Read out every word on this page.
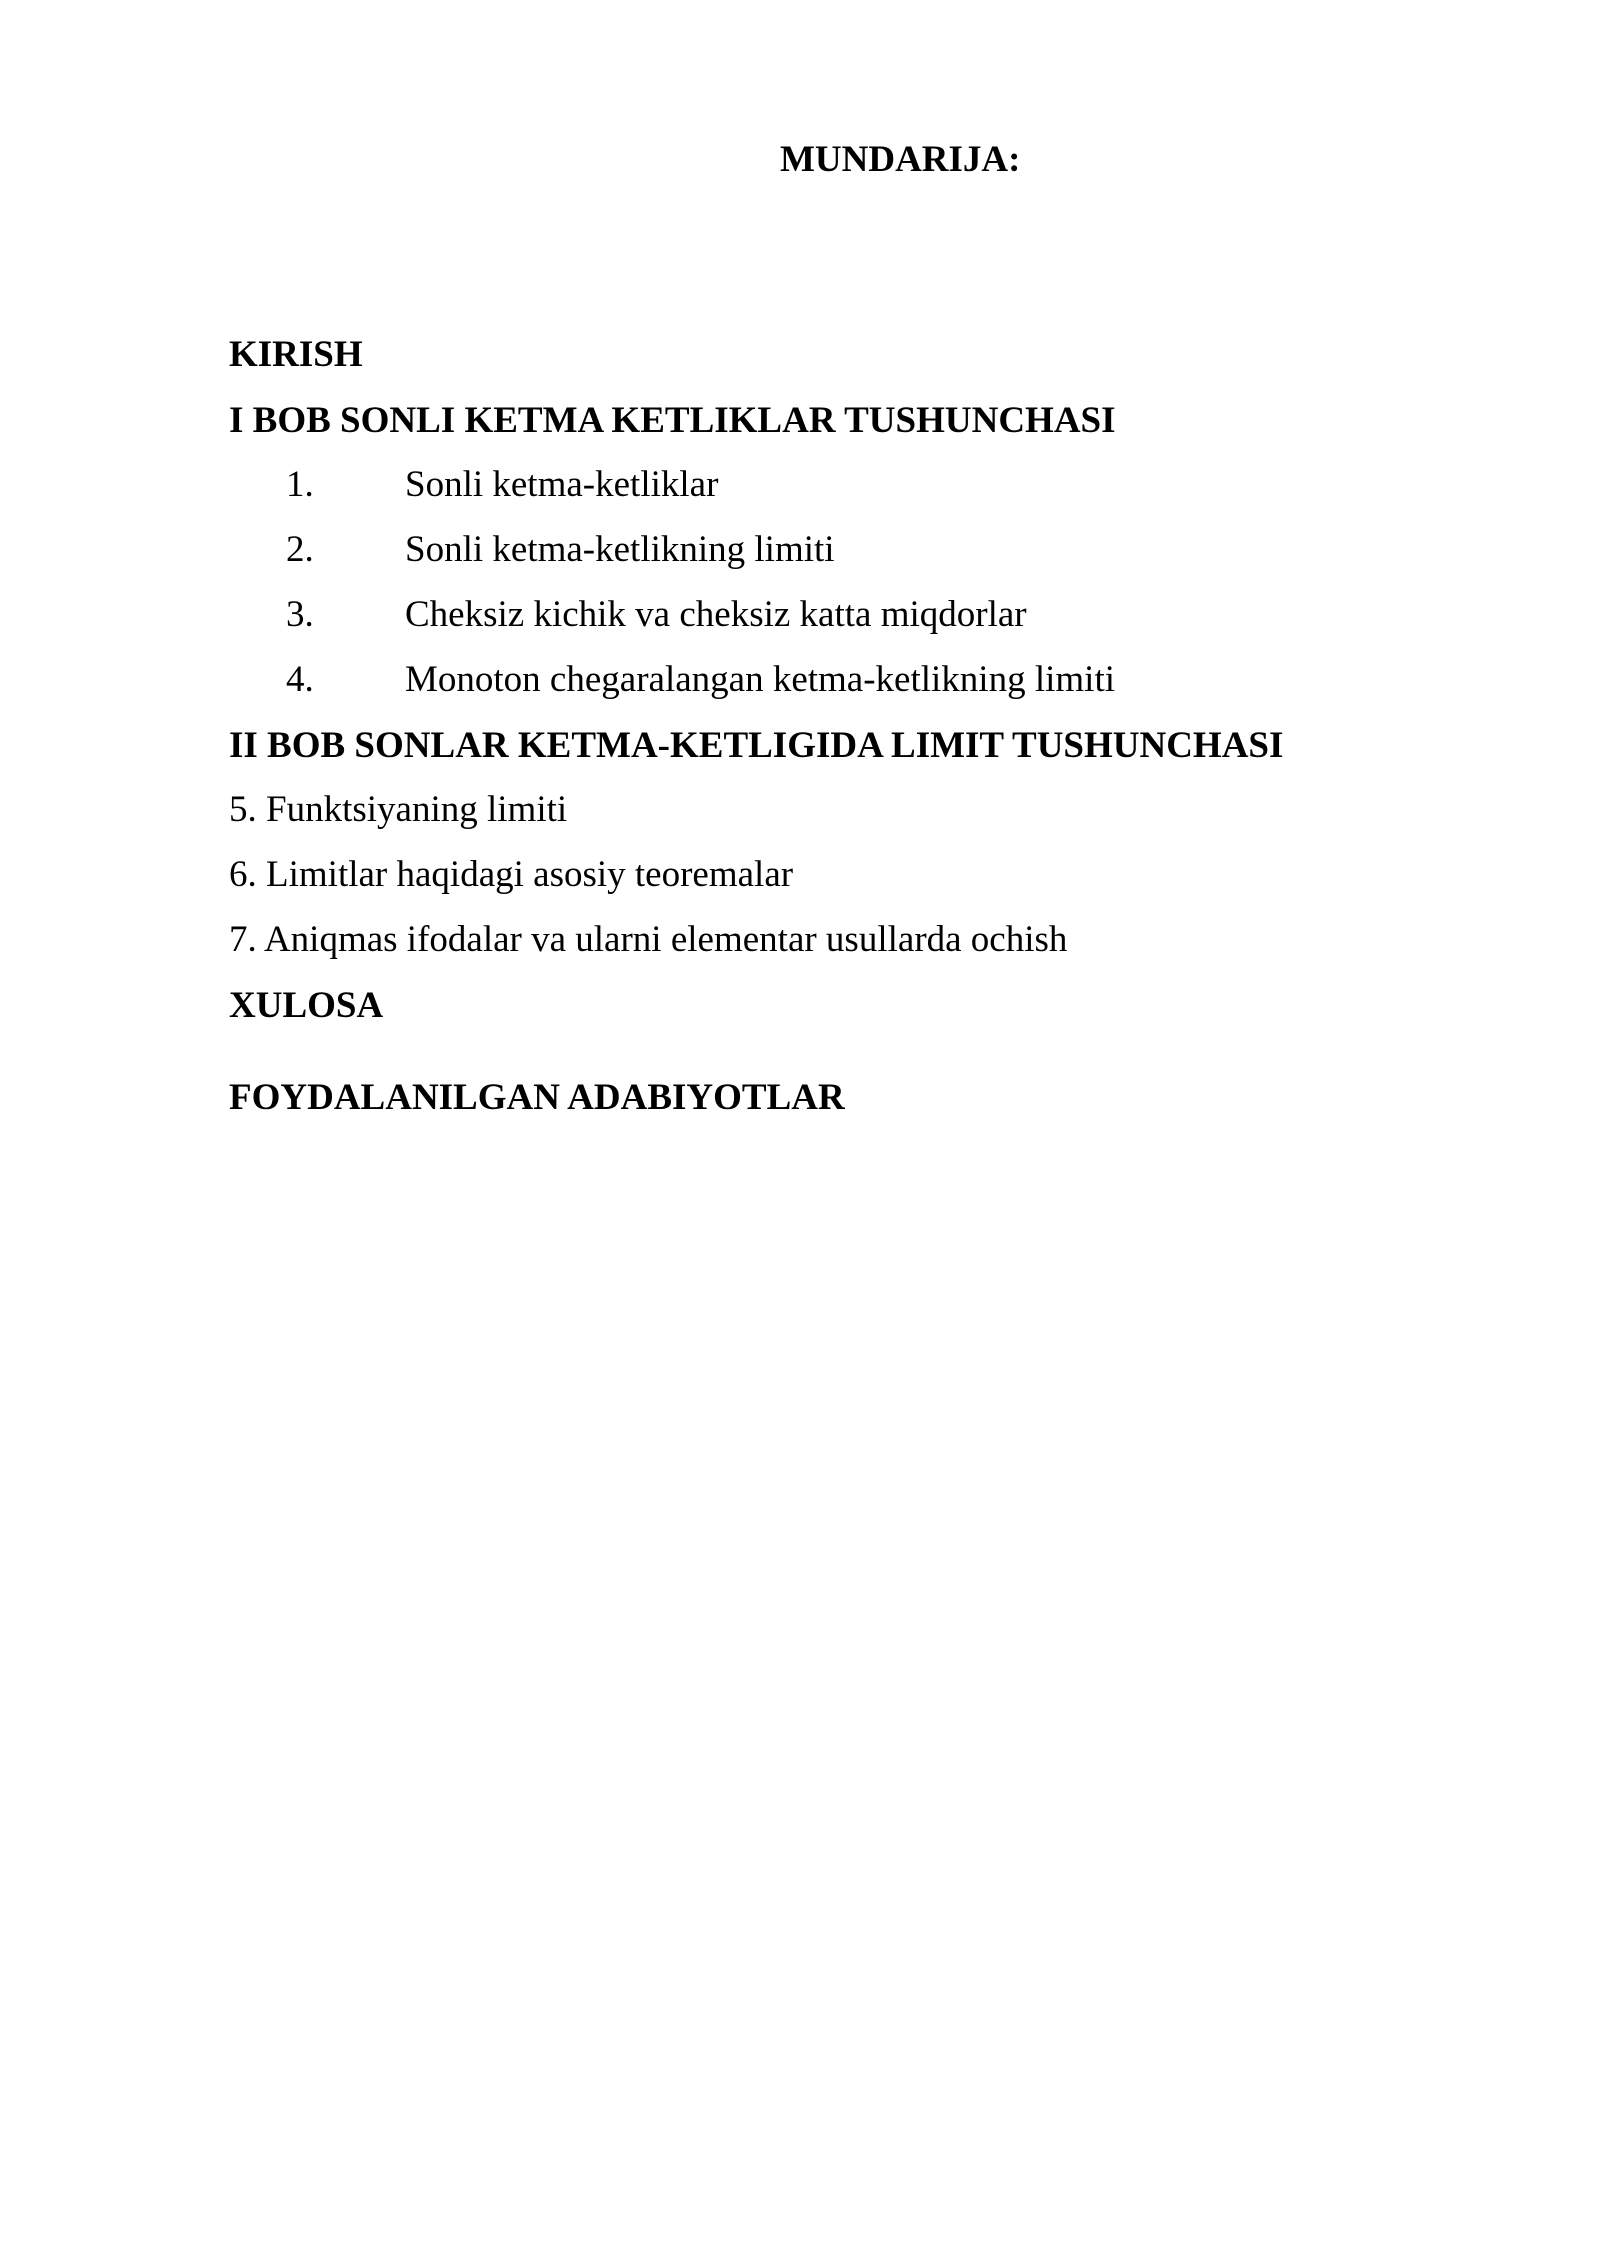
MUNDARIJA:
KIRISH
I BOB SONLI KETMA KETLIKLAR TUSHUNCHASI
1. Sonli ketma-ketliklar
2. Sonli ketma-ketlikning limiti
3. Cheksiz kichik va cheksiz katta miqdorlar
4. Monoton chegaralangan ketma-ketlikning limiti
II BOB SONLAR KETMA-KETLIGIDA LIMIT TUSHUNCHASI
5. Funktsiyaning limiti
6. Limitlar haqidagi asosiy teoremalar
7. Aniqmas ifodalar va ularni elementar usullarda ochish
XULOSA
FOYDALANILGAN ADABIYOTLAR
